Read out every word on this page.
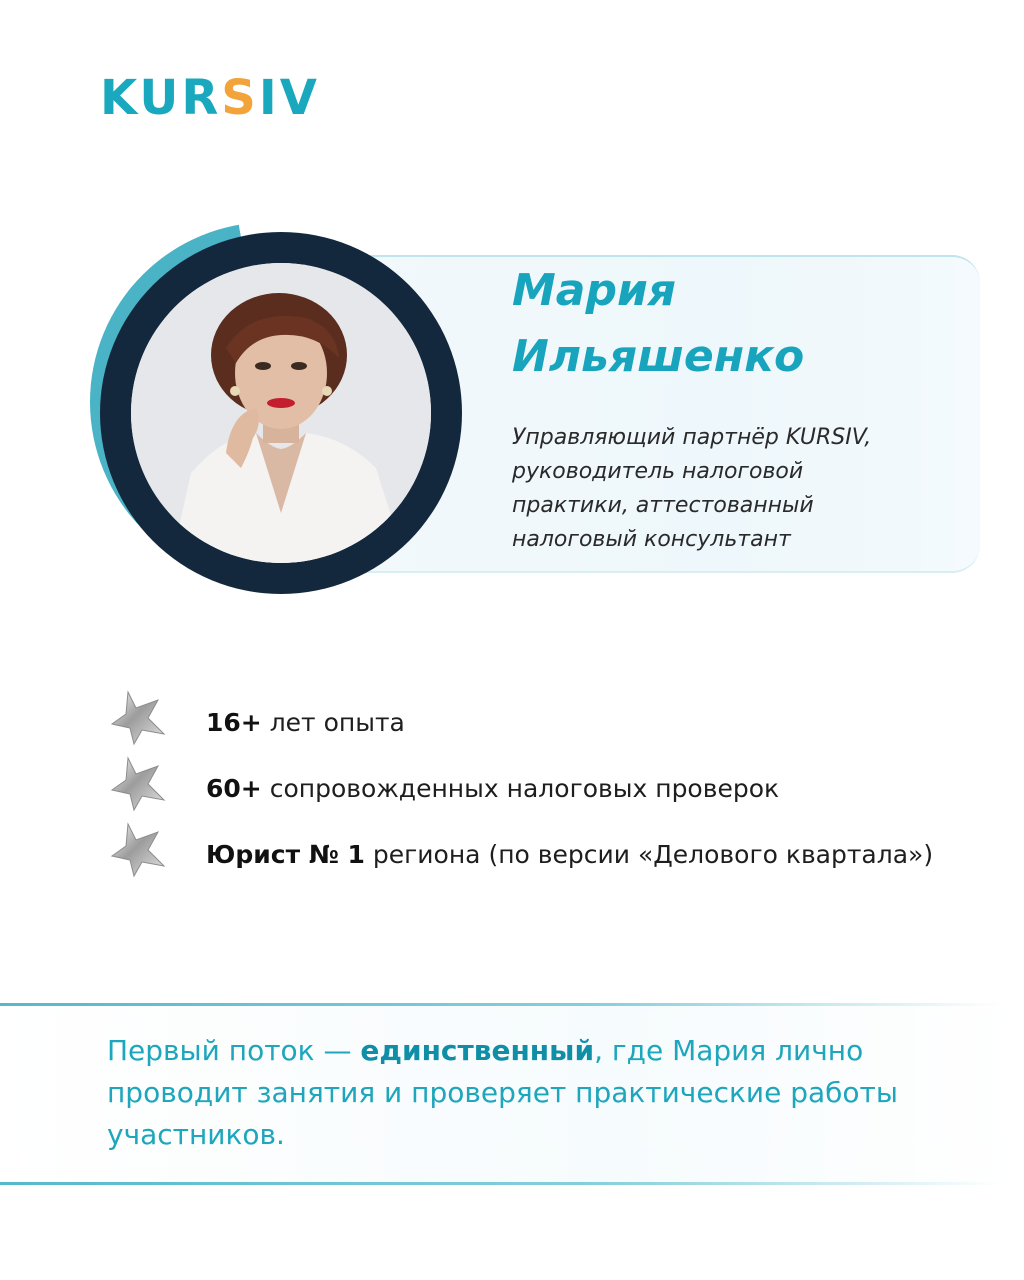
KURSIV
Мария
Ильяшенко
Управляющий партнёр KURSIV,
руководитель налоговой
практики, аттестованный
налоговый консультант
16+ лет опыта
60+ сопровожденных налоговых проверок
Юрист № 1 регионa (по версии «Делового квартала»)
Первый поток — единственный, где Мария лично проводит занятия и проверяет практические работы участников.
